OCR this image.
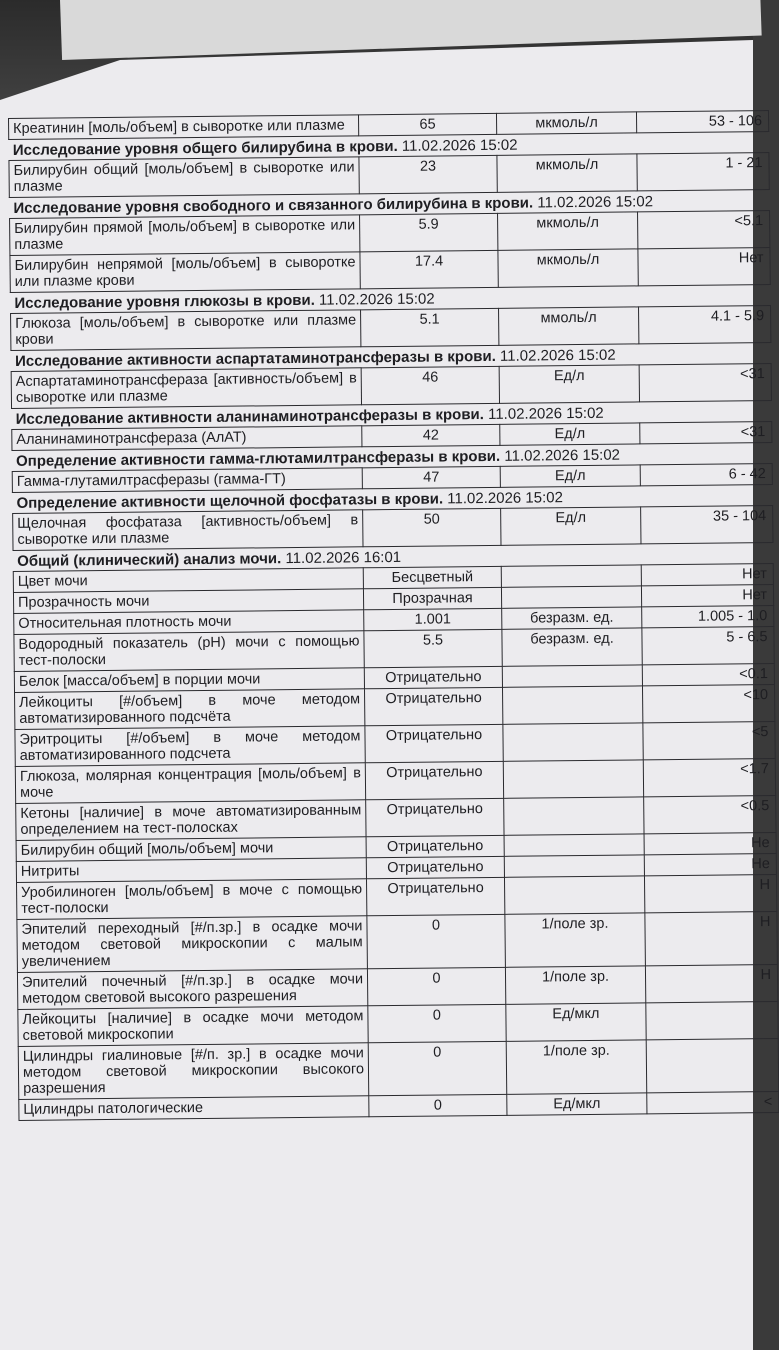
Креатинин [моль/объем] в сыворотке или плазме	65	мкмоль/л	53 - 106
Исследование уровня общего билирубина в крови. 11.02.2026 15:02			
Билирубин общий [моль/объем] в сыворотке или плазме	23	мкмоль/л	1 - 21
Исследование уровня свободного и связанного билирубина в крови. 11.02.2026 15:02			
Билирубин прямой [моль/объем] в сыворотке или плазме	5.9	мкмоль/л	<5.1
Билирубин непрямой [моль/объем] в сыворотке или плазме крови	17.4	мкмоль/л	Нет
Исследование уровня глюкозы в крови. 11.02.2026 15:02			
Глюкоза [моль/объем] в сыворотке или плазме крови	5.1	ммоль/л	4.1 - 5.9
Исследование активности аспартатаминотрансферазы в крови. 11.02.2026 15:02			
Аспартатаминотрансфераза [активность/объем] в сыворотке или плазме	46	Ед/л	<31
Исследование активности аланинаминотрансферазы в крови. 11.02.2026 15:02			
Аланинаминотрансфераза (АлАТ)	42	Ед/л	<31
Определение активности гамма-глютамилтрансферазы в крови. 11.02.2026 15:02			
Гамма-глутамилтрасферазы (гамма-ГТ)	47	Ед/л	6 - 42
Определение активности щелочной фосфатазы в крови. 11.02.2026 15:02			
Щелочная фосфатаза [активность/объем] в сыворотке или плазме	50	Ед/л	35 - 104
Общий (клинический) анализ мочи. 11.02.2026 16:01			
Цвет мочи	Бесцветный		Нет
Прозрачность мочи	Прозрачная		Нет
Относительная плотность мочи	1.001	безразм. ед.	1.005 - 1.0
Водородный показатель (pH) мочи с помощью тест-полоски	5.5	безразм. ед.	5 - 6.5
Белок [масса/объем] в порции мочи	Отрицательно		<0.1
Лейкоциты [#/объем] в моче методом автоматизированного подсчёта	Отрицательно		<10
Эритроциты [#/объем] в моче методом автоматизированного подсчета	Отрицательно		<5
Глюкоза, молярная концентрация [моль/объем] в моче	Отрицательно		<1.7
Кетоны [наличие] в моче автоматизированным определением на тест-полосках	Отрицательно		<0.5
Билирубин общий [моль/объем] мочи	Отрицательно		Не
Нитриты	Отрицательно		Не
Уробилиноген [моль/объем] в моче с помощью тест-полоски	Отрицательно		Н
Эпителий переходный [#/п.зр.] в осадке мочи методом световой микроскопии с малым увеличением	0	1/поле зр.	Н
Эпителий почечный [#/п.зр.] в осадке мочи методом световой высокого разрешения	0	1/поле зр.	Н
Лейкоциты [наличие] в осадке мочи методом световой микроскопии	0	Ед/мкл	
Цилиндры гиалиновые [#/п. зр.] в осадке мочи методом световой микроскопии высокого разрешения	0	1/поле зр.	
Цилиндры патологические	0	Ед/мкл	<
